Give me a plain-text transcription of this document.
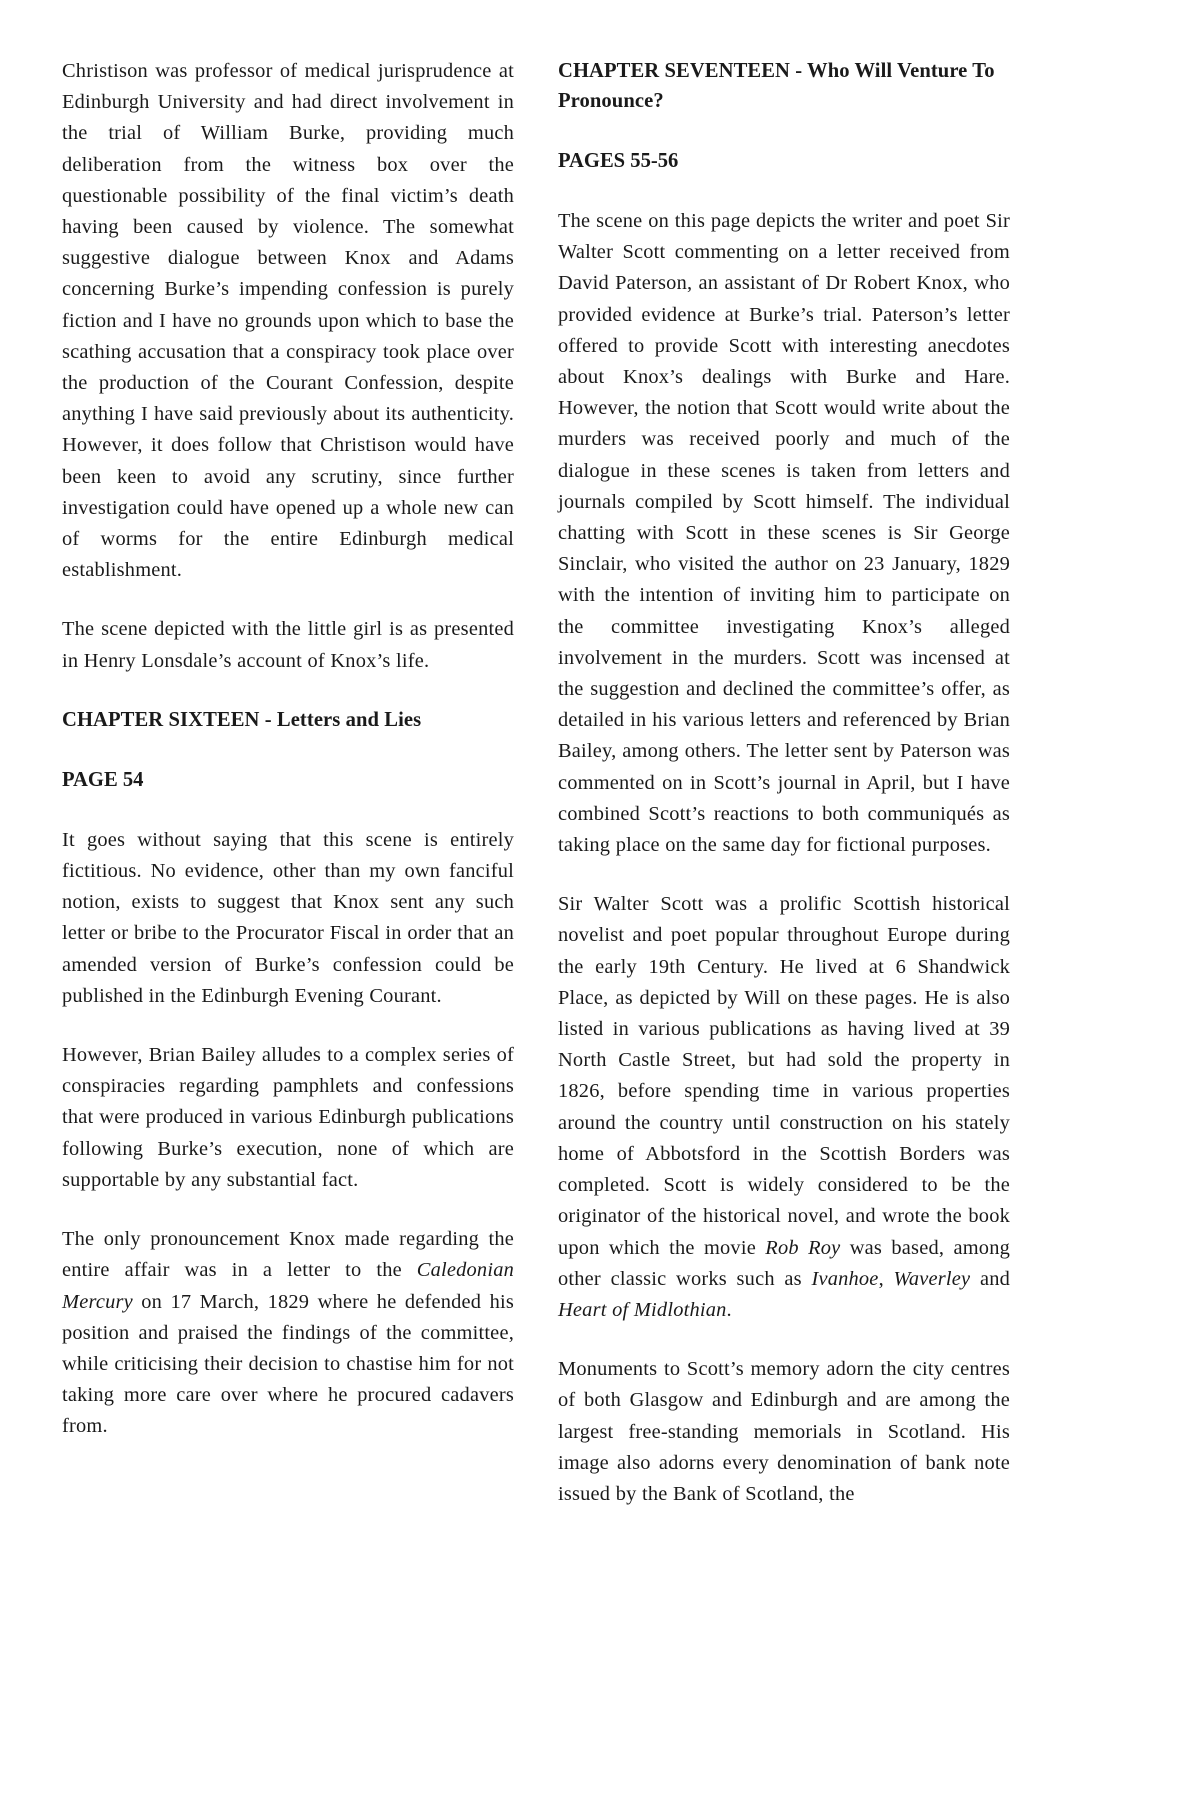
Christison was professor of medical jurisprudence at Edinburgh University and had direct involvement in the trial of William Burke, providing much deliberation from the witness box over the questionable possibility of the final victim’s death having been caused by violence. The somewhat suggestive dialogue between Knox and Adams concerning Burke’s impending confession is purely fiction and I have no grounds upon which to base the scathing accusation that a conspiracy took place over the production of the Courant Confession, despite anything I have said previously about its authenticity. However, it does follow that Christison would have been keen to avoid any scrutiny, since further investigation could have opened up a whole new can of worms for the entire Edinburgh medical establishment.

The scene depicted with the little girl is as presented in Henry Lonsdale’s account of Knox’s life.

CHAPTER SIXTEEN - Letters and Lies
PAGE 54

It goes without saying that this scene is entirely fictitious. No evidence, other than my own fanciful notion, exists to suggest that Knox sent any such letter or bribe to the Procurator Fiscal in order that an amended version of Burke’s confession could be published in the Edinburgh Evening Courant.

However, Brian Bailey alludes to a complex series of conspiracies regarding pamphlets and confessions that were produced in various Edinburgh publications following Burke’s execution, none of which are supportable by any substantial fact.

The only pronouncement Knox made regarding the entire affair was in a letter to the Caledonian Mercury on 17 March, 1829 where he defended his position and praised the findings of the committee, while criticising their decision to chastise him for not taking more care over where he procured cadavers from.

CHAPTER SEVENTEEN - Who Will Venture To Pronounce?
PAGES 55-56

The scene on this page depicts the writer and poet Sir Walter Scott commenting on a letter received from David Paterson, an assistant of Dr Robert Knox, who provided evidence at Burke’s trial. Paterson’s letter offered to provide Scott with interesting anecdotes about Knox’s dealings with Burke and Hare. However, the notion that Scott would write about the murders was received poorly and much of the dialogue in these scenes is taken from letters and journals compiled by Scott himself. The individual chatting with Scott in these scenes is Sir George Sinclair, who visited the author on 23 January, 1829 with the intention of inviting him to participate on the committee investigating Knox’s alleged involvement in the murders. Scott was incensed at the suggestion and declined the committee’s offer, as detailed in his various letters and referenced by Brian Bailey, among others. The letter sent by Paterson was commented on in Scott’s journal in April, but I have combined Scott’s reactions to both communiqués as taking place on the same day for fictional purposes.

Sir Walter Scott was a prolific Scottish historical novelist and poet popular throughout Europe during the early 19th Century. He lived at 6 Shandwick Place, as depicted by Will on these pages. He is also listed in various publications as having lived at 39 North Castle Street, but had sold the property in 1826, before spending time in various properties around the country until construction on his stately home of Abbotsford in the Scottish Borders was completed. Scott is widely considered to be the originator of the historical novel, and wrote the book upon which the movie Rob Roy was based, among other classic works such as Ivanhoe, Waverley and Heart of Midlothian.

Monuments to Scott’s memory adorn the city centres of both Glasgow and Edinburgh and are among the largest free-standing memorials in Scotland. His image also adorns every denomination of bank note issued by the Bank of Scotland, the
